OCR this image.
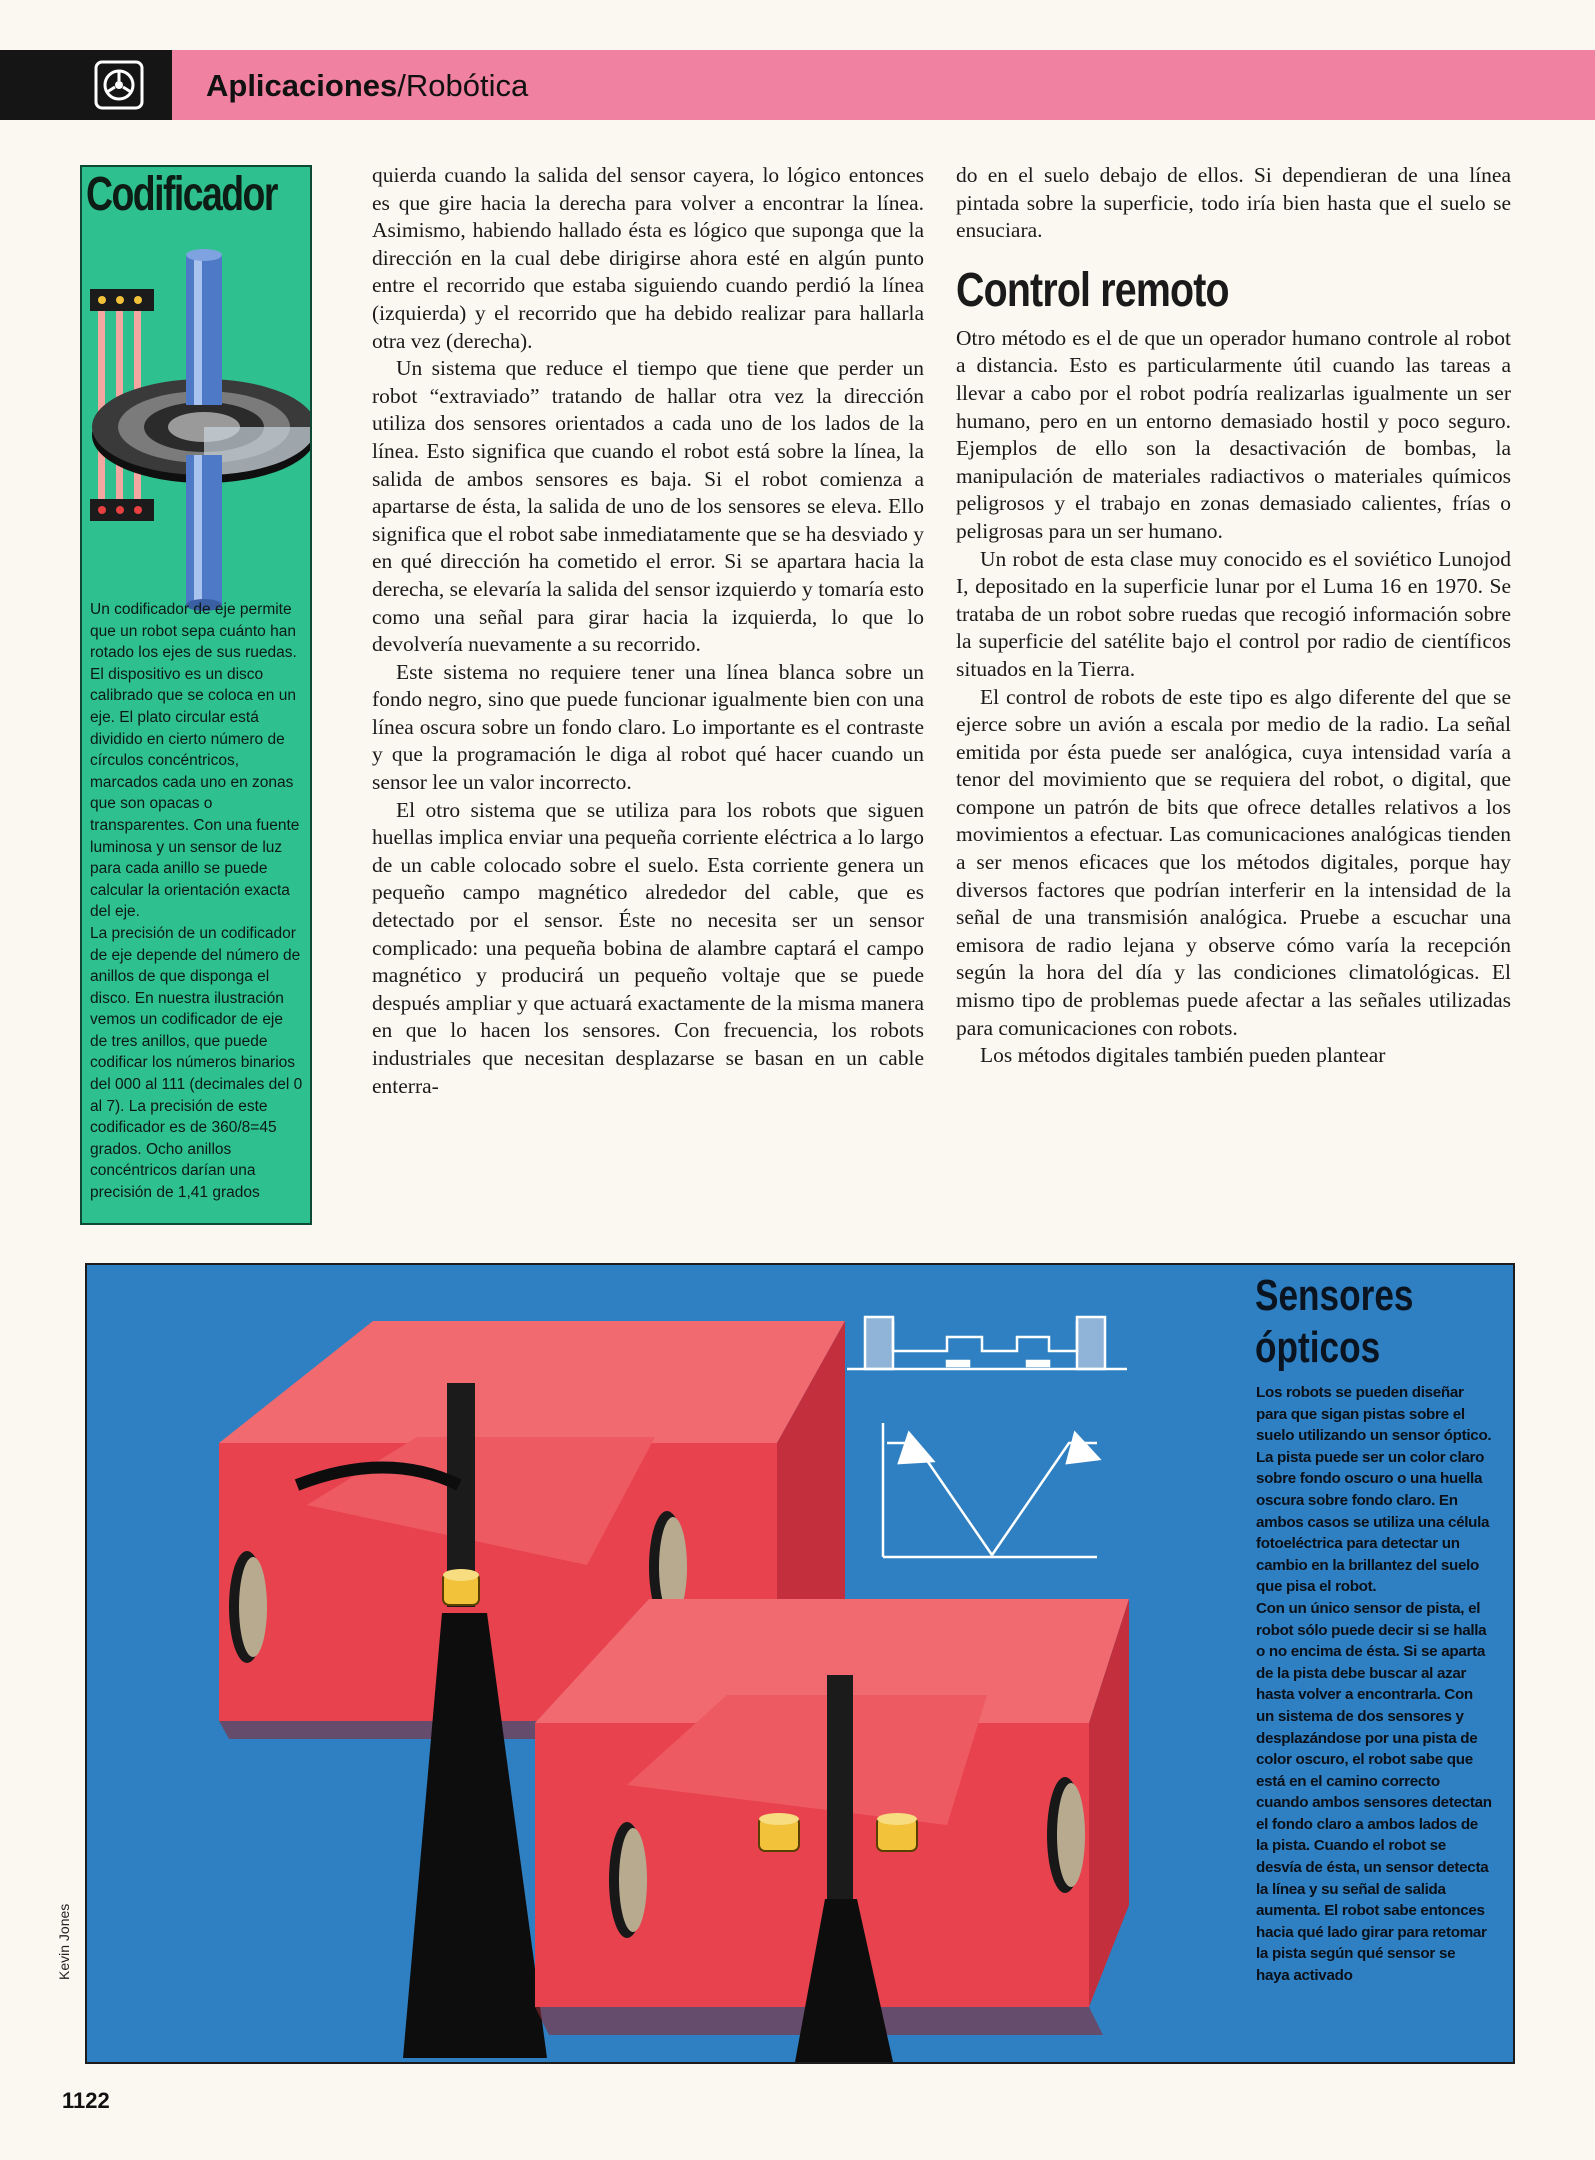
Aplicaciones/Robótica
Codificador

Un codificador de eje permite que un robot sepa cuánto han rotado los ejes de sus ruedas. El dispositivo es un disco calibrado que se coloca en un eje. El plato circular está dividido en cierto número de círculos concéntricos, marcados cada uno en zonas que son opacas o transparentes. Con una fuente luminosa y un sensor de luz para cada anillo se puede calcular la orientación exacta del eje.

La precisión de un codificador de eje depende del número de anillos de que disponga el disco. En nuestra ilustración vemos un codificador de eje de tres anillos, que puede codificar los números binarios del 000 al 111 (decimales del 0 al 7). La precisión de este codificador es de 360/8=45 grados. Ocho anillos concéntricos darían una precisión de 1,41 grados

quierda cuando la salida del sensor cayera, lo lógico entonces es que gire hacia la derecha para volver a encontrar la línea. Asimismo, habiendo hallado ésta es lógico que suponga que la dirección en la cual debe dirigirse ahora esté en algún punto entre el recorrido que estaba siguiendo cuando perdió la línea (izquierda) y el recorrido que ha debido realizar para hallarla otra vez (derecha).

Un sistema que reduce el tiempo que tiene que perder un robot “extraviado” tratando de hallar otra vez la dirección utiliza dos sensores orientados a cada uno de los lados de la línea. Esto significa que cuando el robot está sobre la línea, la salida de ambos sensores es baja. Si el robot comienza a apartarse de ésta, la salida de uno de los sensores se eleva. Ello significa que el robot sabe inmediatamente que se ha desviado y en qué dirección ha cometido el error. Si se apartara hacia la derecha, se elevaría la salida del sensor izquierdo y tomaría esto como una señal para girar hacia la izquierda, lo que lo devolvería nuevamente a su recorrido.

Este sistema no requiere tener una línea blanca sobre un fondo negro, sino que puede funcionar igualmente bien con una línea oscura sobre un fondo claro. Lo importante es el contraste y que la programación le diga al robot qué hacer cuando un sensor lee un valor incorrecto.

El otro sistema que se utiliza para los robots que siguen huellas implica enviar una pequeña corriente eléctrica a lo largo de un cable colocado sobre el suelo. Esta corriente genera un pequeño campo magnético alrededor del cable, que es detectado por el sensor. Éste no necesita ser un sensor complicado: una pequeña bobina de alambre captará el campo magnético y producirá un pequeño voltaje que se puede después ampliar y que actuará exactamente de la misma manera en que lo hacen los sensores. Con frecuencia, los robots industriales que necesitan desplazarse se basan en un cable enterra-

do en el suelo debajo de ellos. Si dependieran de una línea pintada sobre la superficie, todo iría bien hasta que el suelo se ensuciara.

Control remoto

Otro método es el de que un operador humano controle al robot a distancia. Esto es particularmente útil cuando las tareas a llevar a cabo por el robot podría realizarlas igualmente un ser humano, pero en un entorno demasiado hostil y poco seguro. Ejemplos de ello son la desactivación de bombas, la manipulación de materiales radiactivos o materiales químicos peligrosos y el trabajo en zonas demasiado calientes, frías o peligrosas para un ser humano.

Un robot de esta clase muy conocido es el soviético Lunojod I, depositado en la superficie lunar por el Luma 16 en 1970. Se trataba de un robot sobre ruedas que recogió información sobre la superficie del satélite bajo el control por radio de científicos situados en la Tierra.

El control de robots de este tipo es algo diferente del que se ejerce sobre un avión a escala por medio de la radio. La señal emitida por ésta puede ser analógica, cuya intensidad varía a tenor del movimiento que se requiera del robot, o digital, que compone un patrón de bits que ofrece detalles relativos a los movimientos a efectuar. Las comunicaciones analógicas tienden a ser menos eficaces que los métodos digitales, porque hay diversos factores que podrían interferir en la intensidad de la señal de una transmisión analógica. Pruebe a escuchar una emisora de radio lejana y observe cómo varía la recepción según la hora del día y las condiciones climatológicas. El mismo tipo de problemas puede afectar a las señales utilizadas para comunicaciones con robots.

Los métodos digitales también pueden plantear

Sensores
ópticos

Los robots se pueden diseñar para que sigan pistas sobre el suelo utilizando un sensor óptico. La pista puede ser un color claro sobre fondo oscuro o una huella oscura sobre fondo claro. En ambos casos se utiliza una célula fotoeléctrica para detectar un cambio en la brillantez del suelo que pisa el robot.

Con un único sensor de pista, el robot sólo puede decir si se halla o no encima de ésta. Si se aparta de la pista debe buscar al azar hasta volver a encontrarla. Con un sistema de dos sensores y desplazándose por una pista de color oscuro, el robot sabe que está en el camino correcto cuando ambos sensores detectan el fondo claro a ambos lados de la pista. Cuando el robot se desvía de ésta, un sensor detecta la línea y su señal de salida aumenta. El robot sabe entonces hacia qué lado girar para retomar la pista según qué sensor se haya activado

Kevin Jones
1122
